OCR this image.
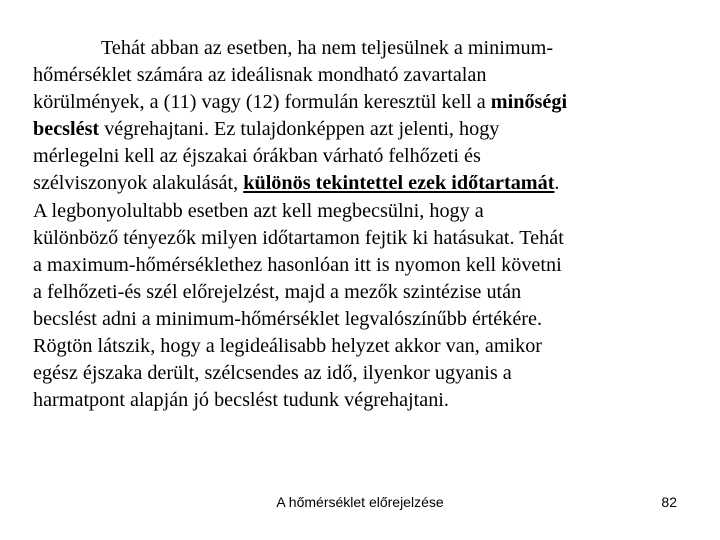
Tehát abban az esetben, ha nem teljesülnek a minimum-
hőmérséklet számára az ideálisnak mondható zavartalan
körülmények, a (11) vagy (12) formulán keresztül kell a minőségi
becslést végrehajtani. Ez tulajdonképpen azt jelenti, hogy
mérlegelni kell az éjszakai órákban várható felhőzeti és
szélviszonyok alakulását, különös tekintettel ezek időtartamát.
A legbonyolultabb esetben azt kell megbecsülni, hogy a
különböző tényezők milyen időtartamon fejtik ki hatásukat. Tehát
a maximum-hőmérséklethez hasonlóan itt is nyomon kell követni
a felhőzeti-és szél előrejelzést, majd a mezők szintézise után
becslést adni a minimum-hőmérséklet legvalószínűbb értékére.
Rögtön látszik, hogy a legideálisabb helyzet akkor van, amikor
egész éjszaka derült, szélcsendes az idő, ilyenkor ugyanis a
harmatpont alapján jó becslést tudunk végrehajtani.
A hőmérséklet előrejelzése	82
